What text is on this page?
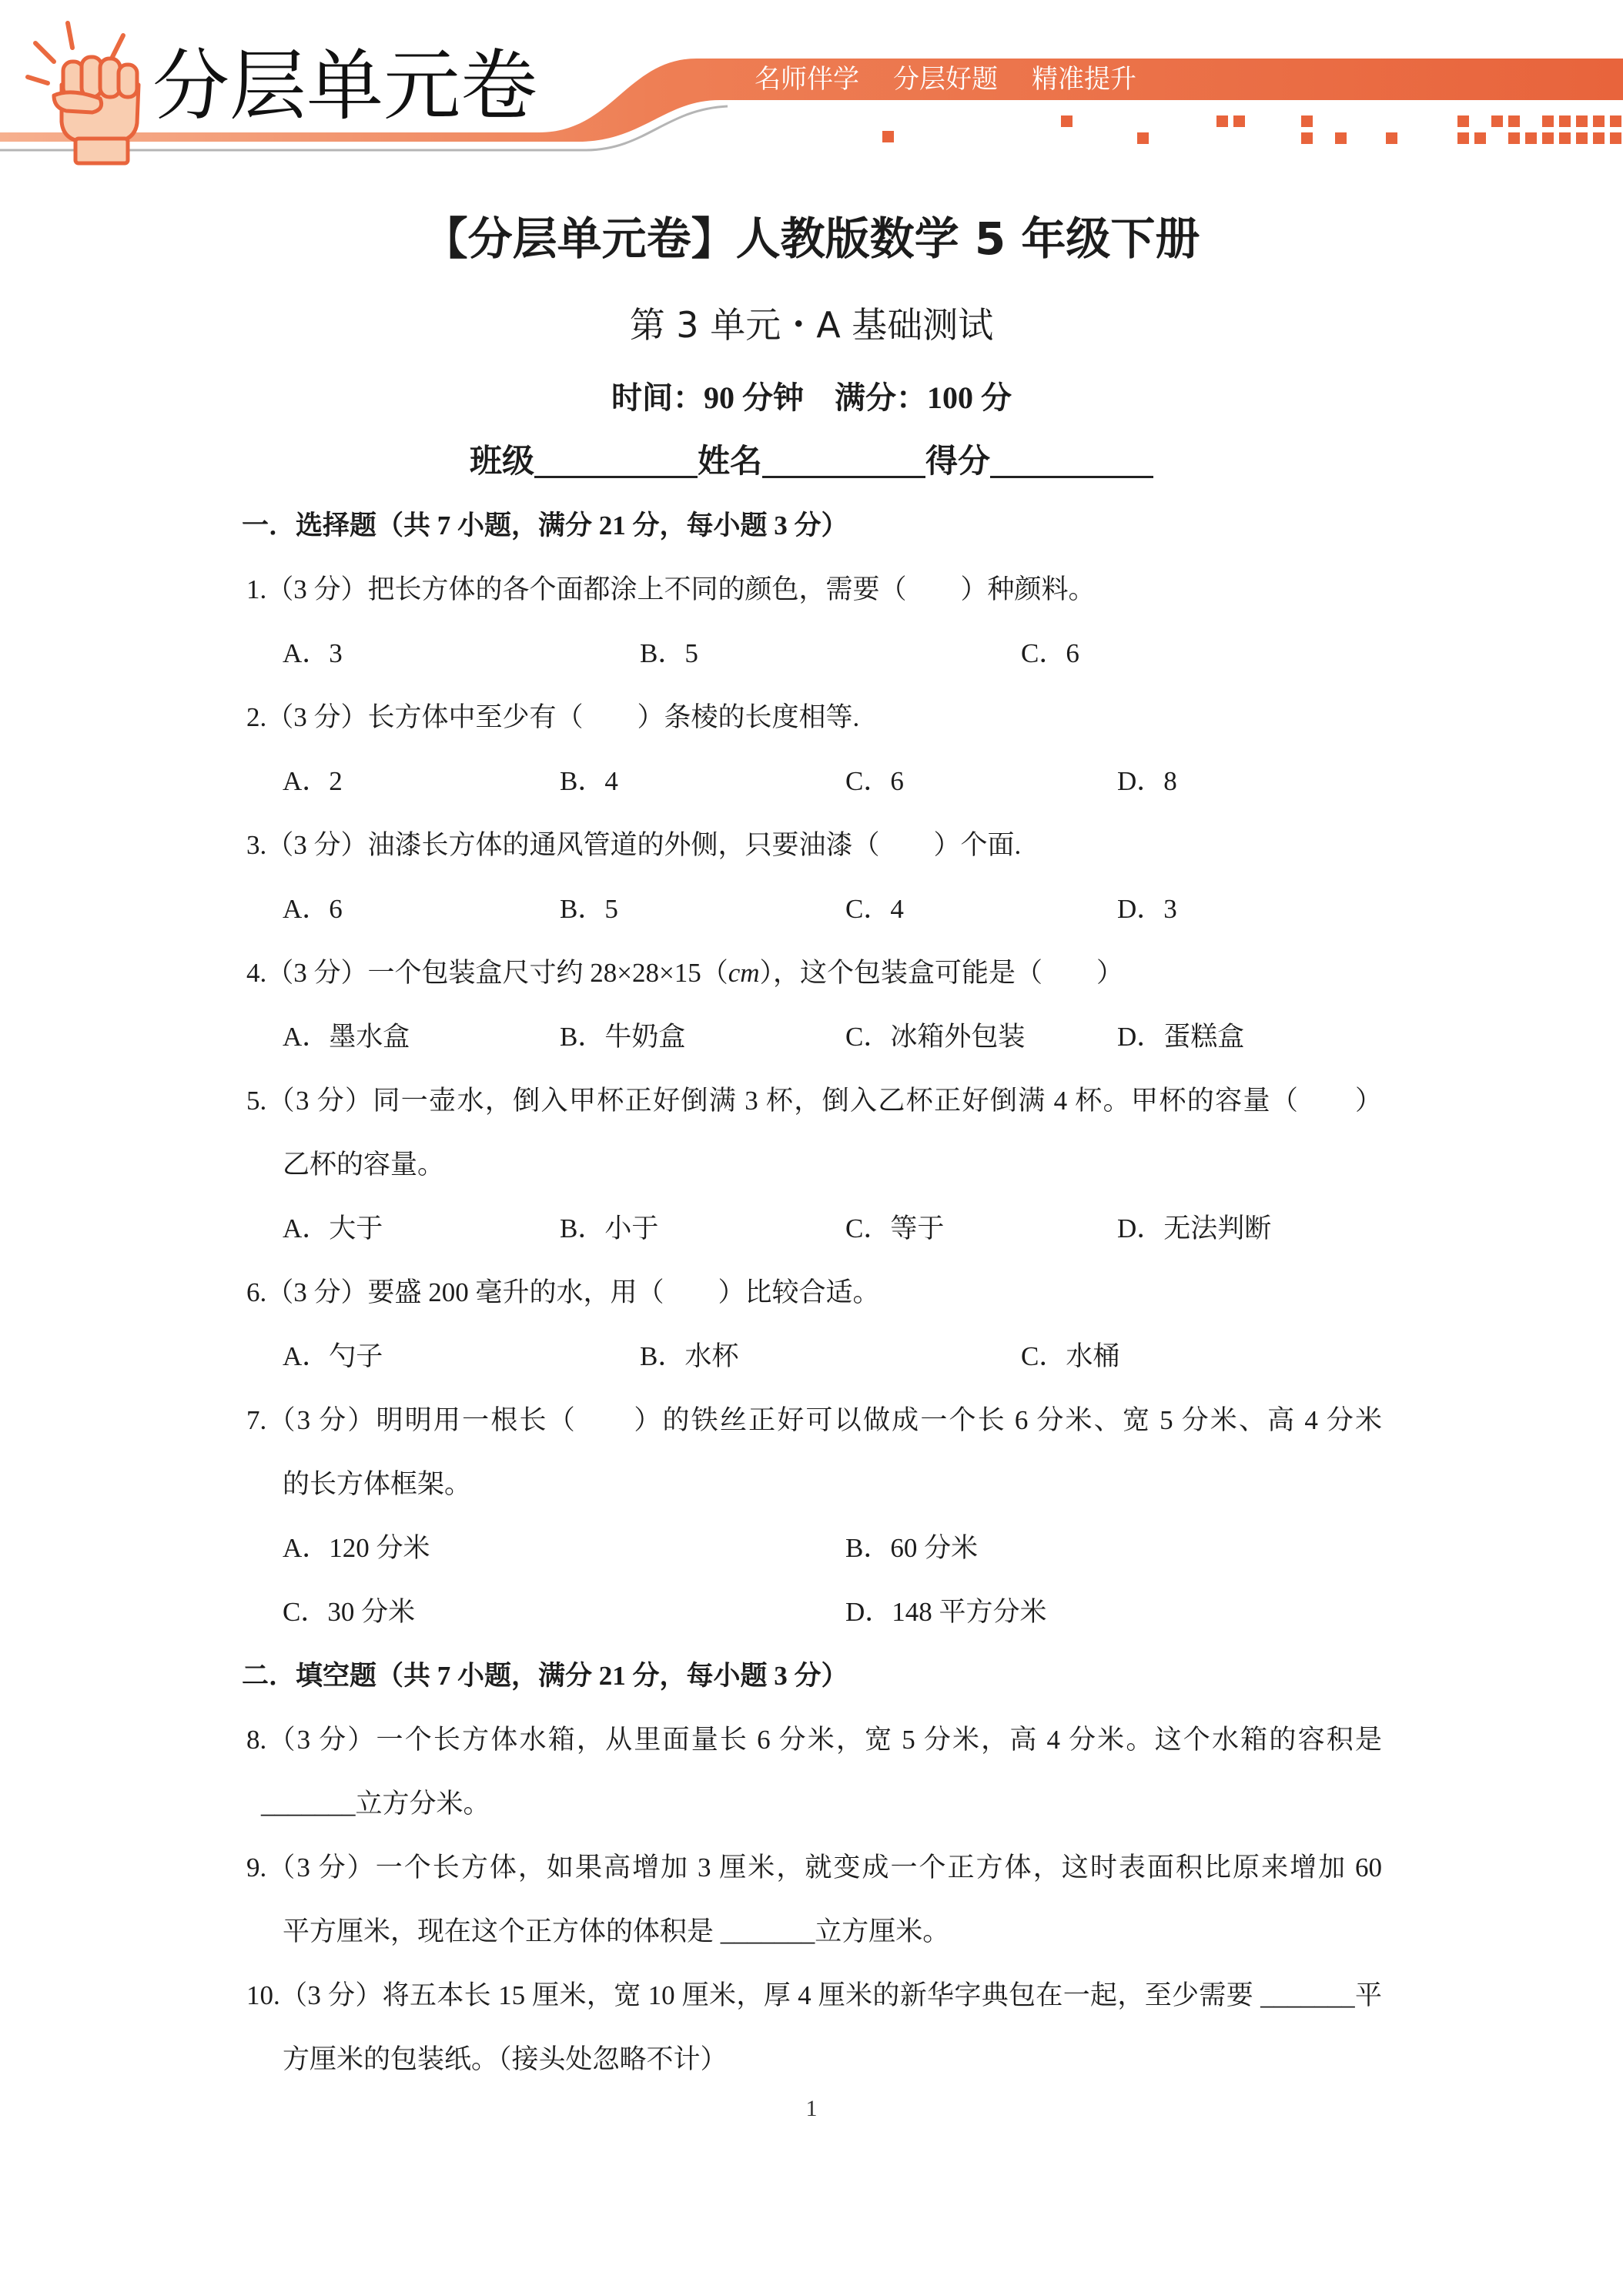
分层单元卷	名师伴学 分层好题 精准提升
【分层单元卷】人教版数学 5 年级下册
第 3 单元・A 基础测试
时间：90 分钟　满分：100 分
班级	姓名	得分
一．选择题（共 7 小题，满分 21 分，每小题 3 分）
1.（3 分）把长方体的各个面都涂上不同的颜色，需要（　　）种颜料。
A．3	B．5	C．6
2.（3 分）长方体中至少有（　　）条棱的长度相等.
A．2	B．4	C．6	D．8
3.（3 分）油漆长方体的通风管道的外侧，只要油漆（　　）个面.
A．6	B．5	C．4	D．3
4.（3 分）一个包装盒尺寸约 28×28×15（cm），这个包装盒可能是（　　）
A．墨水盒	B．牛奶盒	C．冰箱外包装	D．蛋糕盒
5.（3 分）同一壶水，倒入甲杯正好倒满 3 杯，倒入乙杯正好倒满 4 杯。甲杯的容量（　　）
乙杯的容量。
A．大于	B．小于	C．等于	D．无法判断
6.（3 分）要盛 200 毫升的水，用（　　）比较合适。
A．勺子	B．水杯	C．水桶
7.（3 分）明明用一根长（　　）的铁丝正好可以做成一个长 6 分米、宽 5 分米、高 4 分米
的长方体框架。
A．120 分米	B．60 分米
C．30 分米	D．148 平方分米
二．填空题（共 7 小题，满分 21 分，每小题 3 分）
8.（3 分）一个长方体水箱，从里面量长 6 分米，宽 5 分米，高 4 分米。这个水箱的容积是
_______立方分米。
9.（3 分）一个长方体，如果高增加 3 厘米，就变成一个正方体，这时表面积比原来增加 60
平方厘米，现在这个正方体的体积是 _______立方厘米。
10.（3 分）将五本长 15 厘米，宽 10 厘米，厚 4 厘米的新华字典包在一起，至少需要 _______平
方厘米的包装纸。（接头处忽略不计）
1
